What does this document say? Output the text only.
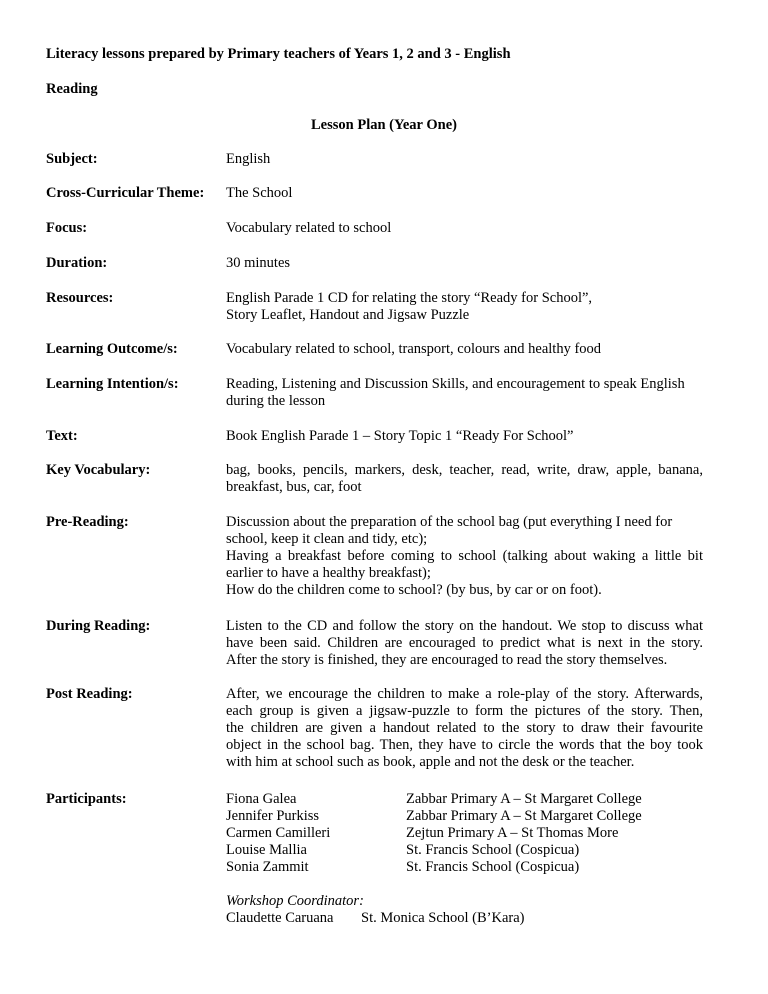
Literacy lessons prepared by Primary teachers of Years 1, 2 and 3 - English
Reading
Lesson Plan (Year One)
Subject:	English
Cross-Curricular Theme: The School
Focus:	Vocabulary related to school
Duration:	30 minutes
Resources:	English Parade 1 CD for relating the story “Ready for School”,
Story Leaflet, Handout and Jigsaw Puzzle
Learning Outcome/s:	Vocabulary related to school, transport, colours and healthy food
Learning Intention/s:	Reading, Listening and Discussion Skills, and encouragement to speak English
during the lesson
Text:	Book English Parade 1 – Story Topic 1 “Ready For School”
Key Vocabulary:	bag, books, pencils, markers, desk, teacher, read, write, draw, apple, banana,
breakfast, bus, car, foot
Pre-Reading:	Discussion about the preparation of the school bag (put everything I need for
school, keep it clean and tidy, etc);
Having a breakfast before coming to school (talking about waking a little bit
earlier to have a healthy breakfast);
How do the children come to school? (by bus, by car or on foot).
During Reading:	Listen to the CD and follow the story on the handout. We stop to discuss what
have been said. Children are encouraged to predict what is next in the story.
After the story is finished, they are encouraged to read the story themselves.
Post Reading:	After, we encourage the children to make a role-play of the story. Afterwards,
each group is given a jigsaw-puzzle to form the pictures of the story. Then,
the children are given a handout related to the story to draw their favourite
object in the school bag. Then, they have to circle the words that the boy took
with him at school such as book, apple and not the desk or the teacher.
Participants:	Fiona Galea	Zabbar Primary A – St Margaret College
Jennifer Purkiss	Zabbar Primary A – St Margaret College
Carmen Camilleri	Zejtun Primary A – St Thomas More
Louise Mallia	St. Francis School (Cospicua)
Sonia Zammit	St. Francis School (Cospicua)
Workshop Coordinator:
Claudette Caruana St. Monica School (B’Kara)
